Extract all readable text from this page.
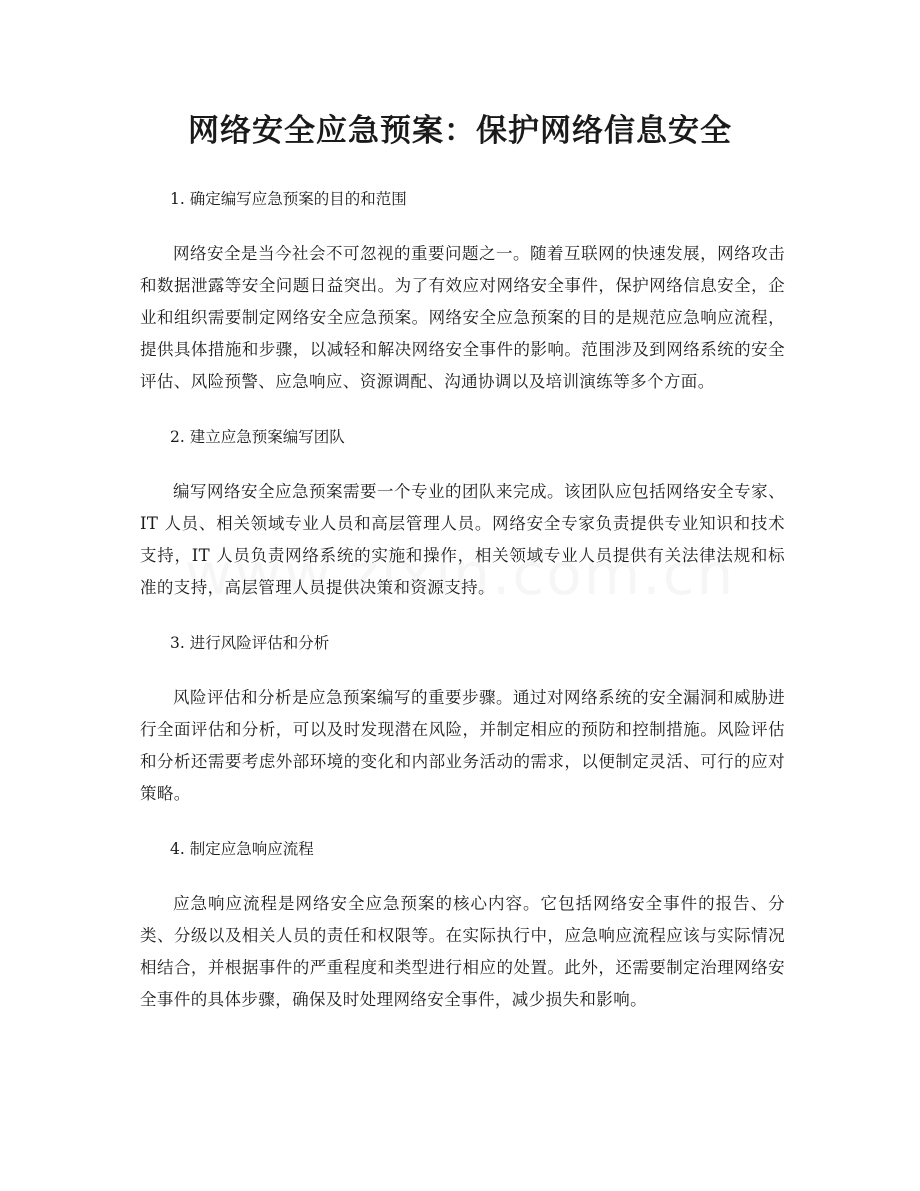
网络安全应急预案：保护网络信息安全

1. 确定编写应急预案的目的和范围

网络安全是当今社会不可忽视的重要问题之一。随着互联网的快速发展，网络攻击和数据泄露等安全问题日益突出。为了有效应对网络安全事件，保护网络信息安全，企业和组织需要制定网络安全应急预案。网络安全应急预案的目的是规范应急响应流程，提供具体措施和步骤，以减轻和解决网络安全事件的影响。范围涉及到网络系统的安全评估、风险预警、应急响应、资源调配、沟通协调以及培训演练等多个方面。

2. 建立应急预案编写团队

编写网络安全应急预案需要一个专业的团队来完成。该团队应包括网络安全专家、IT 人员、相关领域专业人员和高层管理人员。网络安全专家负责提供专业知识和技术支持，IT 人员负责网络系统的实施和操作，相关领域专业人员提供有关法律法规和标准的支持，高层管理人员提供决策和资源支持。

3. 进行风险评估和分析

风险评估和分析是应急预案编写的重要步骤。通过对网络系统的安全漏洞和威胁进行全面评估和分析，可以及时发现潜在风险，并制定相应的预防和控制措施。风险评估和分析还需要考虑外部环境的变化和内部业务活动的需求，以便制定灵活、可行的应对策略。

4. 制定应急响应流程

应急响应流程是网络安全应急预案的核心内容。它包括网络安全事件的报告、分类、分级以及相关人员的责任和权限等。在实际执行中，应急响应流程应该与实际情况相结合，并根据事件的严重程度和类型进行相应的处置。此外，还需要制定治理网络安全事件的具体步骤，确保及时处理网络安全事件，减少损失和影响。
